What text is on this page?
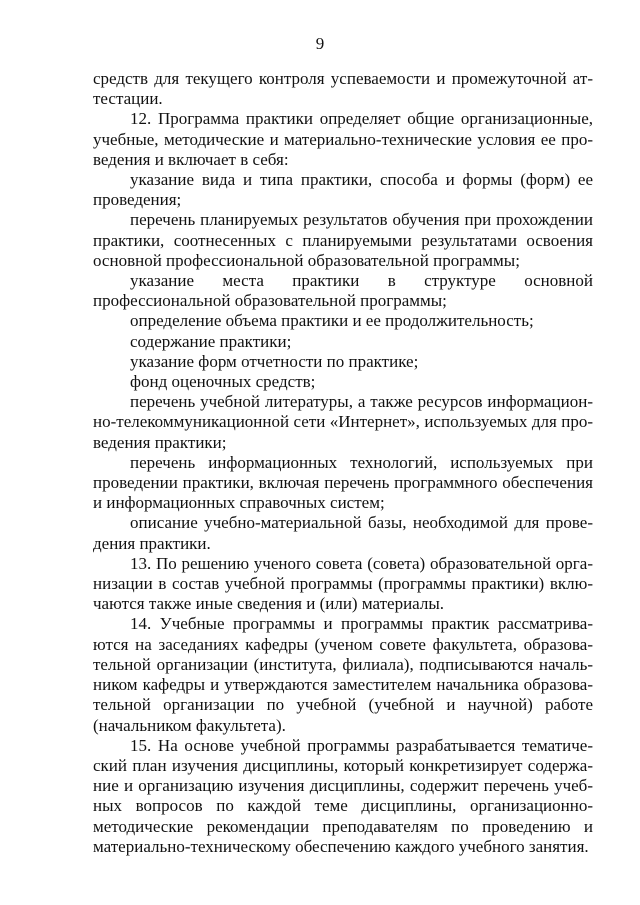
9

средств для текущего контроля успеваемости и промежуточной аттестации.

12. Программа практики определяет общие организационные, учебные, методические и материально-технические условия ее проведения и включает в себя:

указание вида и типа практики, способа и формы (форм) ее проведения;

перечень планируемых результатов обучения при прохождении практики, соотнесенных с планируемыми результатами освоения основной профессиональной образовательной программы;

указание места практики в структуре основной профессиональной образовательной программы;

определение объема практики и ее продолжительность;

содержание практики;

указание форм отчетности по практике;

фонд оценочных средств;

перечень учебной литературы, а также ресурсов информационно-телекоммуникационной сети «Интернет», используемых для проведения практики;

перечень информационных технологий, используемых при проведении практики, включая перечень программного обеспечения и информационных справочных систем;

описание учебно-материальной базы, необходимой для проведения практики.

13. По решению ученого совета (совета) образовательной организации в состав учебной программы (программы практики) включаются также иные сведения и (или) материалы.

14. Учебные программы и программы практик рассматриваются на заседаниях кафедры (ученом совете факультета, образовательной организации (института, филиала), подписываются начальником кафедры и утверждаются заместителем начальника образовательной организации по учебной (учебной и научной) работе (начальником факультета).

15. На основе учебной программы разрабатывается тематический план изучения дисциплины, который конкретизирует содержание и организацию изучения дисциплины, содержит перечень учебных вопросов по каждой теме дисциплины, организационно-методические рекомендации преподавателям по проведению и материально-техническому обеспечению каждого учебного занятия.
